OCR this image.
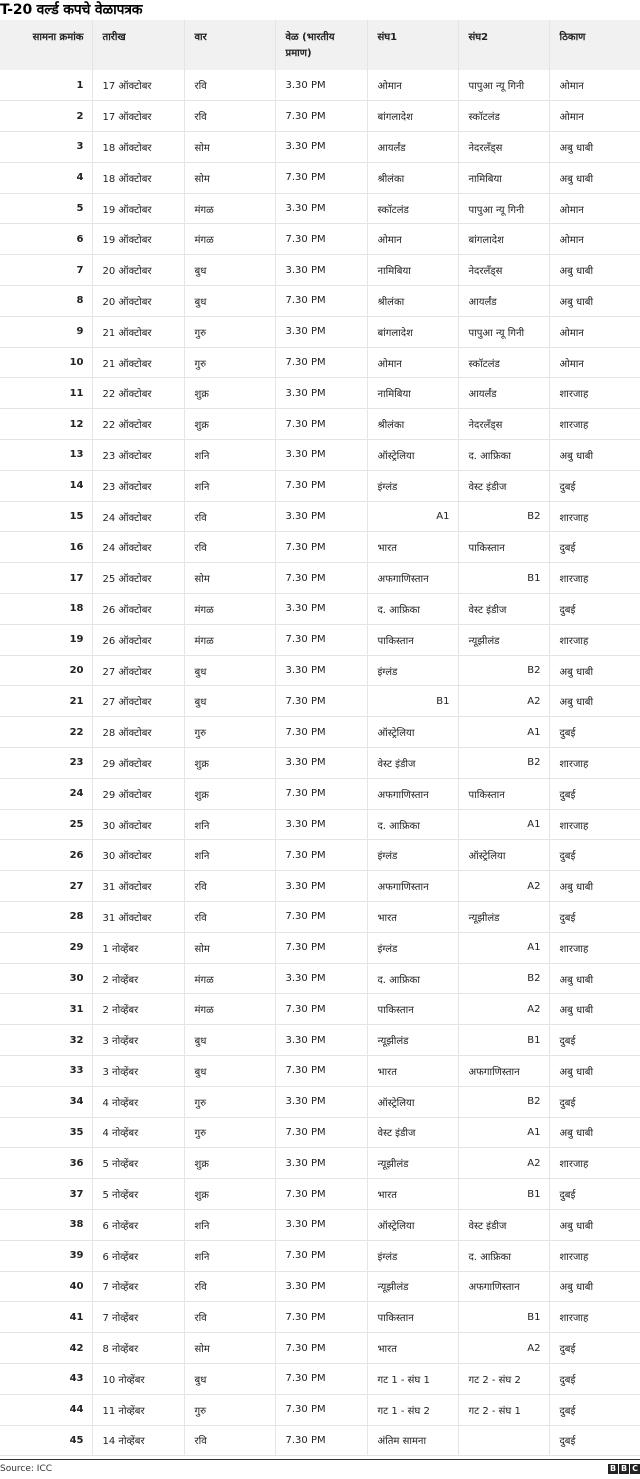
T-20 वर्ल्ड कपचे वेळापत्रक
सामना क्रमांक	तारीख	वार	वेळ (भारतीय प्रमाण)	संघ1	संघ2	ठिकाण
1	17 ऑक्टोबर	रवि	3.30 PM	ओमान	पापुआ न्यू गिनी	ओमान
2	17 ऑक्टोबर	रवि	7.30 PM	बांगलादेश	स्कॉटलंड	ओमान
3	18 ऑक्टोबर	सोम	3.30 PM	आयर्लंड	नेदरलँड्स	अबु धाबी
4	18 ऑक्टोबर	सोम	7.30 PM	श्रीलंका	नामिबिया	अबु धाबी
5	19 ऑक्टोबर	मंगळ	3.30 PM	स्कॉटलंड	पापुआ न्यू गिनी	ओमान
6	19 ऑक्टोबर	मंगळ	7.30 PM	ओमान	बांगलादेश	ओमान
7	20 ऑक्टोबर	बुध	3.30 PM	नामिबिया	नेदरलँड्स	अबु धाबी
8	20 ऑक्टोबर	बुध	7.30 PM	श्रीलंका	आयर्लंड	अबु धाबी
9	21 ऑक्टोबर	गुरु	3.30 PM	बांगलादेश	पापुआ न्यू गिनी	ओमान
10	21 ऑक्टोबर	गुरु	7.30 PM	ओमान	स्कॉटलंड	ओमान
11	22 ऑक्टोबर	शुक्र	3.30 PM	नामिबिया	आयर्लंड	शारजाह
12	22 ऑक्टोबर	शुक्र	7.30 PM	श्रीलंका	नेदरलँड्स	शारजाह
13	23 ऑक्टोबर	शनि	3.30 PM	ऑस्ट्रेलिया	द. आफ्रिका	अबु धाबी
14	23 ऑक्टोबर	शनि	7.30 PM	इंग्लंड	वेस्ट इंडीज	दुबई
15	24 ऑक्टोबर	रवि	3.30 PM	A1	B2	शारजाह
16	24 ऑक्टोबर	रवि	7.30 PM	भारत	पाकिस्तान	दुबई
17	25 ऑक्टोबर	सोम	7.30 PM	अफगाणिस्तान	B1	शारजाह
18	26 ऑक्टोबर	मंगळ	3.30 PM	द. आफ्रिका	वेस्ट इंडीज	दुबई
19	26 ऑक्टोबर	मंगळ	7.30 PM	पाकिस्तान	न्यूझीलंड	शारजाह
20	27 ऑक्टोबर	बुध	3.30 PM	इंग्लंड	B2	अबु धाबी
21	27 ऑक्टोबर	बुध	7.30 PM	B1	A2	अबु धाबी
22	28 ऑक्टोबर	गुरु	7.30 PM	ऑस्ट्रेलिया	A1	दुबई
23	29 ऑक्टोबर	शुक्र	3.30 PM	वेस्ट इंडीज	B2	शारजाह
24	29 ऑक्टोबर	शुक्र	7.30 PM	अफगाणिस्तान	पाकिस्तान	दुबई
25	30 ऑक्टोबर	शनि	3.30 PM	द. आफ्रिका	A1	शारजाह
26	30 ऑक्टोबर	शनि	7.30 PM	इंग्लंड	ऑस्ट्रेलिया	दुबई
27	31 ऑक्टोबर	रवि	3.30 PM	अफगाणिस्तान	A2	अबु धाबी
28	31 ऑक्टोबर	रवि	7.30 PM	भारत	न्यूझीलंड	दुबई
29	1 नोव्हेंबर	सोम	7.30 PM	इंग्लंड	A1	शारजाह
30	2 नोव्हेंबर	मंगळ	3.30 PM	द. आफ्रिका	B2	अबु धाबी
31	2 नोव्हेंबर	मंगळ	7.30 PM	पाकिस्तान	A2	अबु धाबी
32	3 नोव्हेंबर	बुध	3.30 PM	न्यूझीलंड	B1	दुबई
33	3 नोव्हेंबर	बुध	7.30 PM	भारत	अफगाणिस्तान	अबु धाबी
34	4 नोव्हेंबर	गुरु	3.30 PM	ऑस्ट्रेलिया	B2	दुबई
35	4 नोव्हेंबर	गुरु	7.30 PM	वेस्ट इंडीज	A1	अबु धाबी
36	5 नोव्हेंबर	शुक्र	3.30 PM	न्यूझीलंड	A2	शारजाह
37	5 नोव्हेंबर	शुक्र	7.30 PM	भारत	B1	दुबई
38	6 नोव्हेंबर	शनि	3.30 PM	ऑस्ट्रेलिया	वेस्ट इंडीज	अबु धाबी
39	6 नोव्हेंबर	शनि	7.30 PM	इंग्लंड	द. आफ्रिका	शारजाह
40	7 नोव्हेंबर	रवि	3.30 PM	न्यूझीलंड	अफगाणिस्तान	अबु धाबी
41	7 नोव्हेंबर	रवि	7.30 PM	पाकिस्तान	B1	शारजाह
42	8 नोव्हेंबर	सोम	7.30 PM	भारत	A2	दुबई
43	10 नोव्हेंबर	बुध	7.30 PM	गट 1 - संघ 1	गट 2 - संघ 2	दुबई
44	11 नोव्हेंबर	गुरु	7.30 PM	गट 1 - संघ 2	गट 2 - संघ 1	दुबई
45	14 नोव्हेंबर	रवि	7.30 PM	अंतिम सामना		दुबई
Source: ICC	B B C
